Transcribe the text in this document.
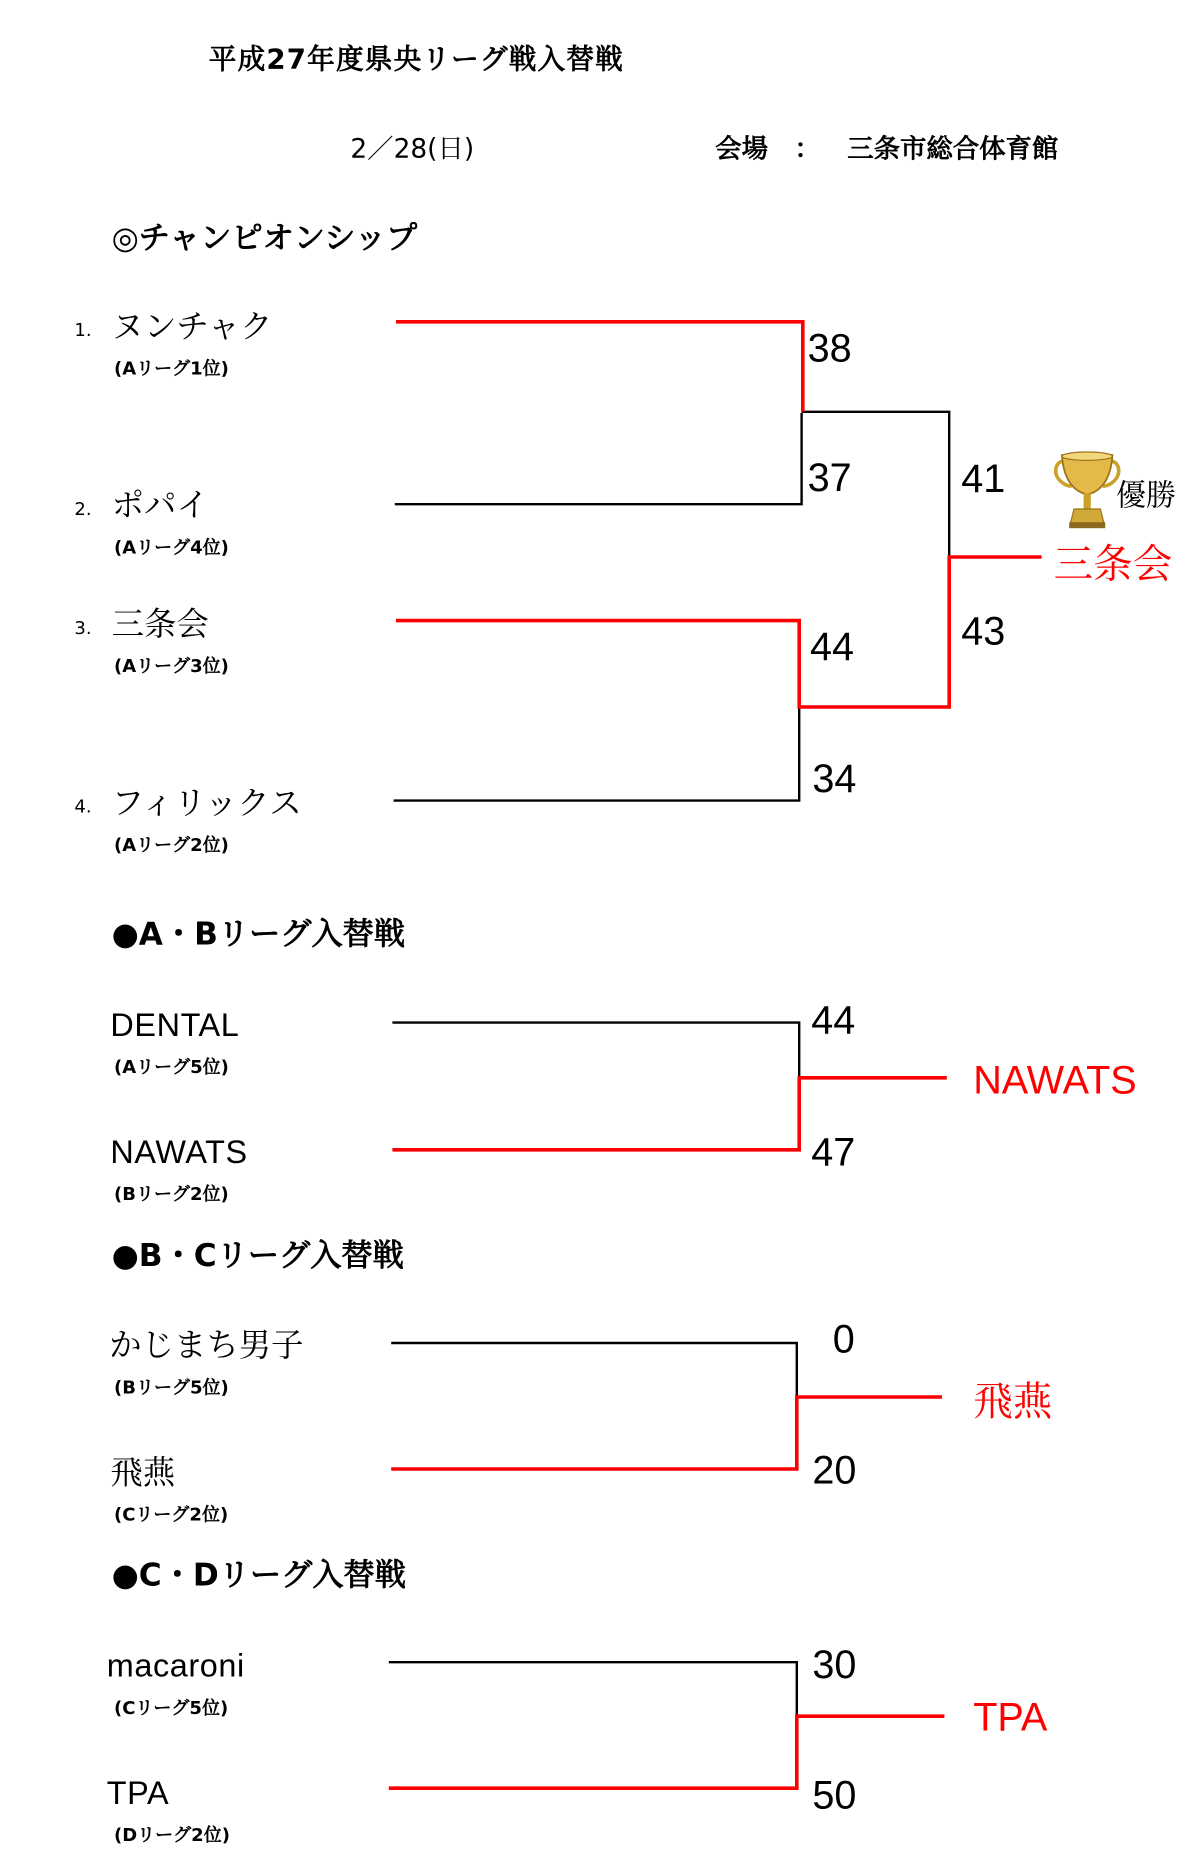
平成27年度県央リーグ戦入替戦
2／28(日)	会場　： 三条市総合体育館
◎チャンピオンシップ
1. ヌンチャク
(Aリーグ1位)
2. ポパイ
(Aリーグ4位)
3. 三条会
(Aリーグ3位)
4. フィリックス
(Aリーグ2位)
38
37
44
34
41
43
優勝
三条会
●A・Bリーグ入替戦
DENTAL
(Aリーグ5位)
NAWATS
(Bリーグ2位)
44
47
NAWATS
●B・Cリーグ入替戦
かじまち男子
(Bリーグ5位)
飛燕
(Cリーグ2位)
0
20
飛燕
●C・Dリーグ入替戦
macaroni
(Cリーグ5位)
TPA
(Dリーグ2位)
30
50
TPA
